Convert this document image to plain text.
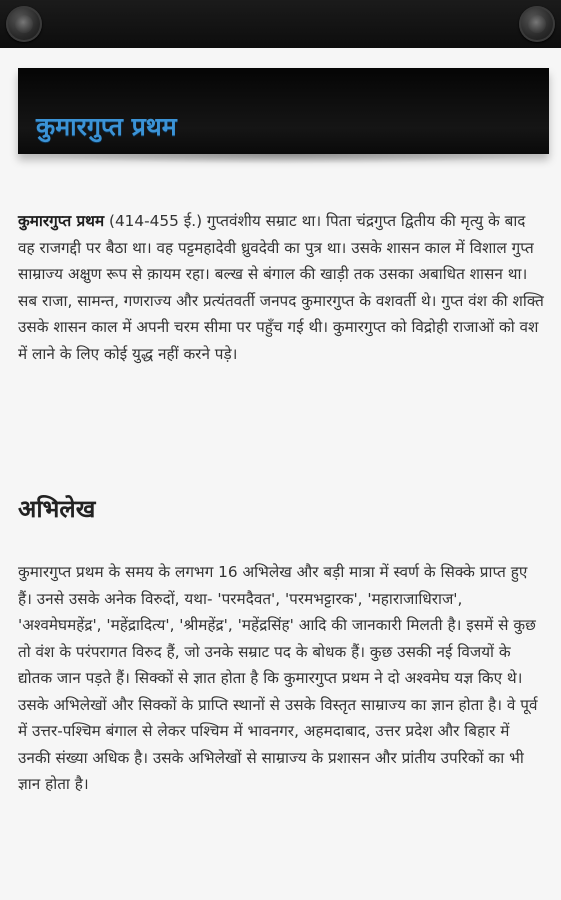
कुमारगुप्त प्रथम

कुमारगुप्त प्रथम (414-455 ई.) गुप्तवंशीय सम्राट था। पिता चंद्रगुप्त द्वितीय की मृत्यु के बाद वह राजगद्दी पर बैठा था। वह पट्टमहादेवी ध्रुवदेवी का पुत्र था। उसके शासन काल में विशाल गुप्त साम्राज्य अक्षुण रूप से क़ायम रहा। बल्ख से बंगाल की खाड़ी तक उसका अबाधित शासन था। सब राजा, सामन्त, गणराज्य और प्रत्यंतवर्ती जनपद कुमारगुप्त के वशवर्ती थे। गुप्त वंश की शक्ति उसके शासन काल में अपनी चरम सीमा पर पहुँच गई थी। कुमारगुप्त को विद्रोही राजाओं को वश में लाने के लिए कोई युद्ध नहीं करने पड़े।

अभिलेख

कुमारगुप्त प्रथम के समय के लगभग 16 अभिलेख और बड़ी मात्रा में स्वर्ण के सिक्के प्राप्त हुए हैं। उनसे उसके अनेक विरुदों, यथा- 'परमदैवत', 'परमभट्टारक', 'महाराजाधिराज', 'अश्वमेघमहेंद्र', 'महेंद्रादित्य', 'श्रीमहेंद्र', 'महेंद्रसिंह' आदि की जानकारी मिलती है। इसमें से कुछ तो वंश के परंपरागत विरुद हैं, जो उनके सम्राट पद के बोधक हैं। कुछ उसकी नई विजयों के द्योतक जान पड़ते हैं। सिक्कों से ज्ञात होता है कि कुमारगुप्त प्रथम ने दो अश्वमेघ यज्ञ किए थे। उसके अभिलेखों और सिक्कों के प्राप्ति स्थानों से उसके विस्तृत साम्राज्य का ज्ञान होता है। वे पूर्व में उत्तर-पश्चिम बंगाल से लेकर पश्चिम में भावनगर, अहमदाबाद, उत्तर प्रदेश और बिहार में उनकी संख्या अधिक है। उसके अभिलेखों से साम्राज्य के प्रशासन और प्रांतीय उपरिकों का भी ज्ञान होता है।
